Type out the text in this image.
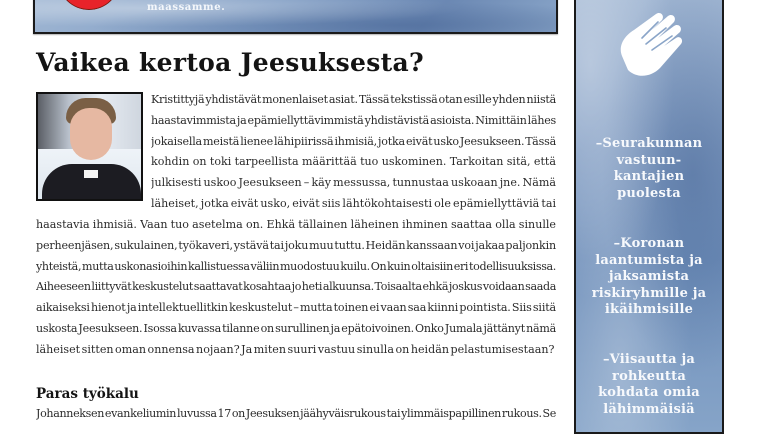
maassamme.
Vaikea kertoa Jeesuksesta?
Kristittyjä yhdistävät monenlaiset asiat. Tässä tekstissä otan esille yhden niistä
haastavimmista ja epämiellyttävimmistä yhdistävistä asioista. Nimittäin lähes
jokaisella meistä lienee lähipiirissä ihmisiä, jotka eivät usko Jeesukseen. Tässä
kohdin on toki tarpeellista määrittää tuo uskominen. Tarkoitan sitä, että
julkisesti uskoo Jeesukseen – käy messussa, tunnustaa uskoaan jne. Nämä
läheiset, jotka eivät usko, eivät siis lähtökohtaisesti ole epämiellyttäviä tai
haastavia ihmisiä. Vaan tuo asetelma on. Ehkä tällainen läheinen ihminen saattaa olla sinulle
perheenjäsen, sukulainen, työkaveri, ystävä tai joku muu tuttu. Heidän kanssaan voi jakaa paljonkin
yhteistä, mutta uskonasioihin kallistuessa väliin muodostuu kuilu. On kuin oltaisiin eri todellisuuksissa.
Aiheeseen liittyvät keskustelut saattavat kosahtaa jo heti alkuunsa. Toisaalta ehkä joskus voidaan saada
aikaiseksi hienot ja intellektuellitkin keskustelut – mutta toinen ei vaan saa kiinni pointista. Siis siitä
uskosta Jeesukseen. Isossa kuvassa tilanne on surullinen ja epätoivoinen. Onko Jumala jättänyt nämä
läheiset sitten oman onnensa nojaan? Ja miten suuri vastuu sinulla on heidän pelastumisestaan?
Paras työkalu
Johanneksen evankeliumin luvussa 17 on Jeesuksen jäähyväisrukous tai ylimmäispapillinen rukous. Se
–Seurakunnan
vastuun-
kantajien
puolesta
–Koronan
laantumista ja
jaksamista
riskiryhmille ja
ikäihmisille
–Viisautta ja
rohkeutta
kohdata omia
lähimmäisiä
